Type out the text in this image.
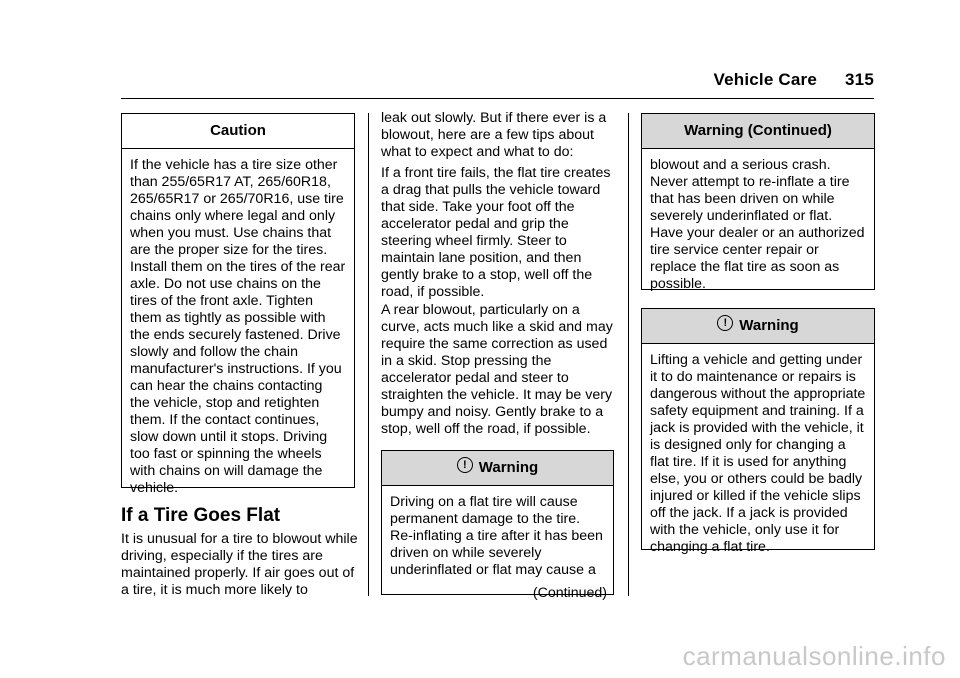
Vehicle Care 315
Caution
If the vehicle has a tire size other than 255/65R17 AT, 265/60R18, 265/65R17 or 265/70R16, use tire chains only where legal and only when you must. Use chains that are the proper size for the tires. Install them on the tires of the rear axle. Do not use chains on the tires of the front axle. Tighten them as tightly as possible with the ends securely fastened. Drive slowly and follow the chain manufacturer's instructions. If you can hear the chains contacting the vehicle, stop and retighten them. If the contact continues, slow down until it stops. Driving too fast or spinning the wheels with chains on will damage the vehicle.
If a Tire Goes Flat

It is unusual for a tire to blowout while driving, especially if the tires are maintained properly. If air goes out of a tire, it is much more likely to

leak out slowly. But if there ever is a blowout, here are a few tips about what to expect and what to do:

If a front tire fails, the flat tire creates a drag that pulls the vehicle toward that side. Take your foot off the accelerator pedal and grip the steering wheel firmly. Steer to maintain lane position, and then gently brake to a stop, well off the road, if possible.

A rear blowout, particularly on a curve, acts much like a skid and may require the same correction as used in a skid. Stop pressing the accelerator pedal and steer to straighten the vehicle. It may be very bumpy and noisy. Gently brake to a stop, well off the road, if possible.

! Warning
Driving on a flat tire will cause permanent damage to the tire. Re-inflating a tire after it has been driven on while severely underinflated or flat may cause a
(Continued)
Warning (Continued)
blowout and a serious crash. Never attempt to re-inflate a tire that has been driven on while severely underinflated or flat. Have your dealer or an authorized tire service center repair or replace the flat tire as soon as possible.
! Warning
Lifting a vehicle and getting under it to do maintenance or repairs is dangerous without the appropriate safety equipment and training. If a jack is provided with the vehicle, it is designed only for changing a flat tire. If it is used for anything else, you or others could be badly injured or killed if the vehicle slips off the jack. If a jack is provided with the vehicle, only use it for changing a flat tire.
carmanualsonline.info
